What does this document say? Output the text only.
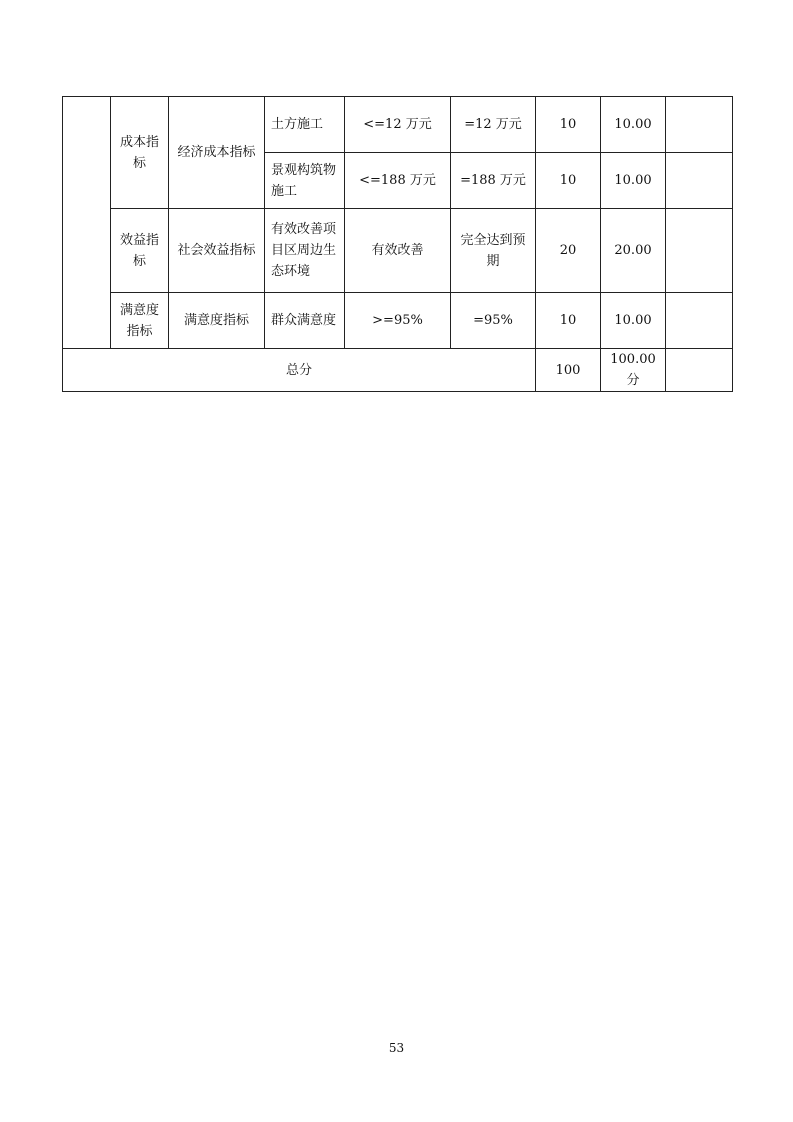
	成本指标	经济成本指标	土方施工	<=12 万元	=12 万元	10	10.00	
			景观构筑物施工	<=188 万元	=188 万元	10	10.00	
	效益指标	社会效益指标	有效改善项目区周边生态环境	有效改善	完全达到预期	20	20.00	
	满意度指标	满意度指标	群众满意度	>=95%	=95%	10	10.00	
总分						100	100.00分	
53
